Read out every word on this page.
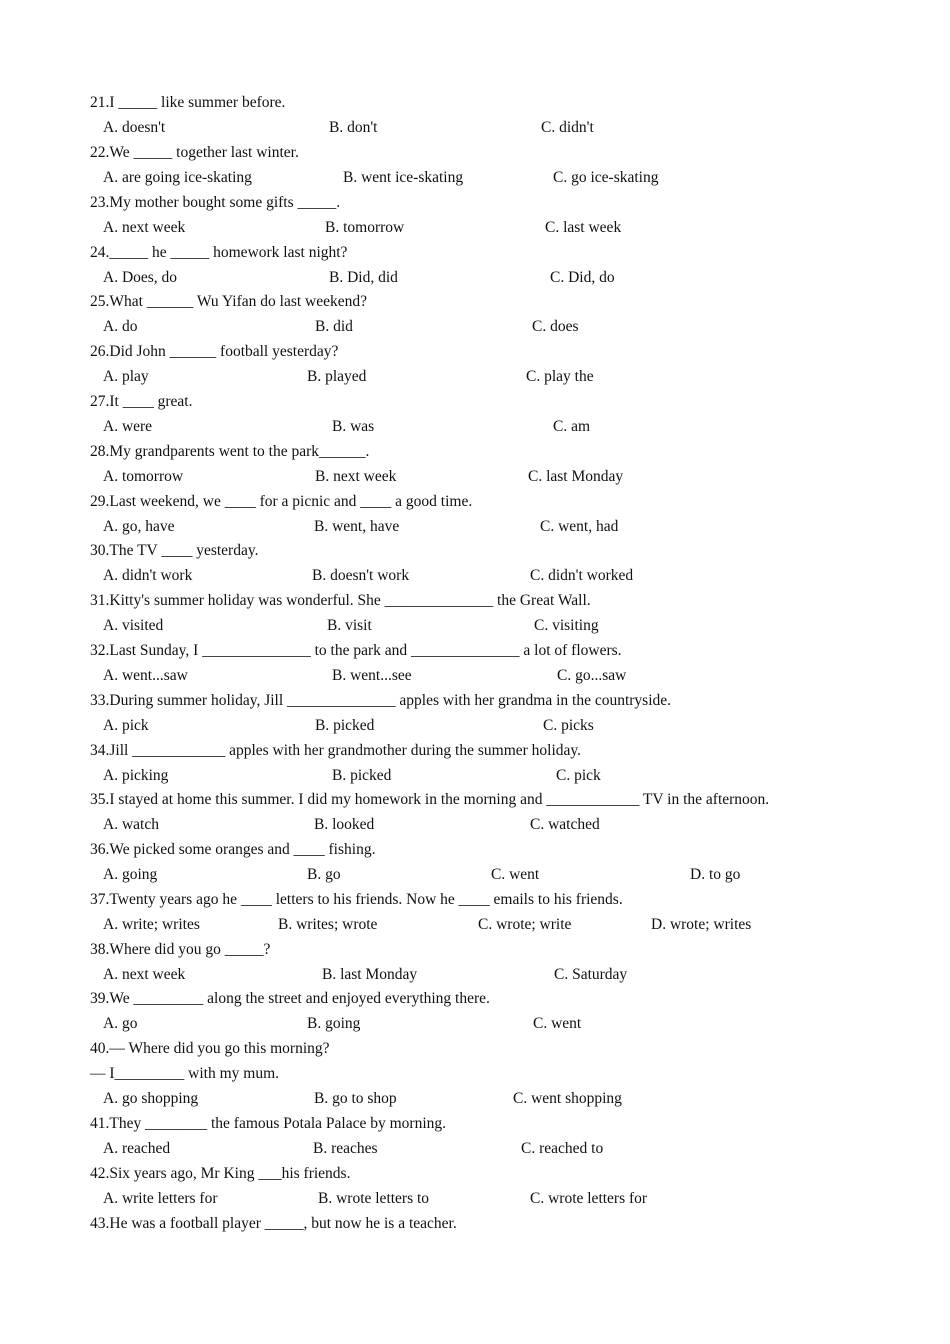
21.I _____ like summer before.
A. doesn't	B. don't	C. didn't
22.We _____ together last winter.
A. are going ice-skating	B. went ice-skating	C. go ice-skating
23.My mother bought some gifts _____.
A. next week	B. tomorrow	C. last week
24._____ he _____ homework last night?
A. Does, do	B. Did, did	C. Did, do
25.What ______ Wu Yifan do last weekend?
A. do	B. did	C. does
26.Did John ______ football yesterday?
A. play	B. played	C. play the
27.It ____ great.
A. were	B. was	C. am
28.My grandparents went to the park______.
A. tomorrow	B. next week	C. last Monday
29.Last weekend, we ____ for a picnic and ____ a good time.
A. go, have	B. went, have	C. went, had
30.The TV ____ yesterday.
A. didn't work	B. doesn't work	C. didn't worked
31.Kitty's summer holiday was wonderful. She ______________ the Great Wall.
A. visited	B. visit	C. visiting
32.Last Sunday, I ______________ to the park and ______________ a lot of flowers.
A. went...saw	B. went...see	C. go...saw
33.During summer holiday, Jill ______________ apples with her grandma in the countryside.
A. pick	B. picked	C. picks
34.Jill ____________ apples with her grandmother during the summer holiday.
A. picking	B. picked	C. pick
35.I stayed at home this summer. I did my homework in the morning and ____________ TV in the afternoon.
A. watch	B. looked	C. watched
36.We picked some oranges and ____ fishing.
A. going	B. go	C. went	D. to go
37.Twenty years ago he ____ letters to his friends. Now he ____ emails to his friends.
A. write; writes	B. writes; wrote	C. wrote; write	D. wrote; writes
38.Where did you go _____?
A. next week	B. last Monday	C. Saturday
39.We _________ along the street and enjoyed everything there.
A. go	B. going	C. went
40.— Where did you go this morning?
— I_________ with my mum.
A. go shopping	B. go to shop	C. went shopping
41.They ________ the famous Potala Palace by morning.
A. reached	B. reaches	C. reached to
42.Six years ago, Mr King ___his friends.
A. write letters for	B. wrote letters to	C. wrote letters for
43.He was a football player _____, but now he is a teacher.
